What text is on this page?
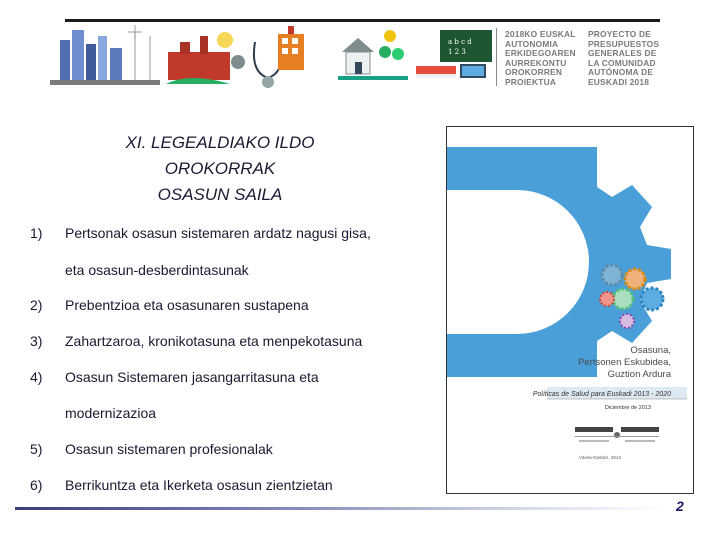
a b c d
1 2 3
2018KO EUSKAL
AUTONOMIA
ERKIDEGOAREN
AURREKONTU
OROKORREN
PROIEKTUA
PROYECTO DE
PRESUPUESTOS
GENERALES DE
LA COMUNIDAD
AUTÓNOMA DE
EUSKADI 2018
XI. LEGEALDIAKO ILDO
OROKORRAK
OSASUN SAILA
1) Pertsonak osasun sistemaren ardatz nagusi gisa,
eta osasun-desberdintasunak
2) Prebentzioa eta osasunaren sustapena
3) Zahartzaroa, kronikotasuna eta menpekotasuna
4) Osasun Sistemaren jasangarritasuna eta
modernizazioa
5) Osasun sistemaren profesionalak
6) Berrikuntza eta Ikerketa osasun zientzietan
Osasuna,
Pertsonen Eskubidea,
Guztion Ardura
Políticas de Salud para Euskadi 2013 - 2020
Diciembre de 2013
Vitoria-Gasteiz, 2013
2
